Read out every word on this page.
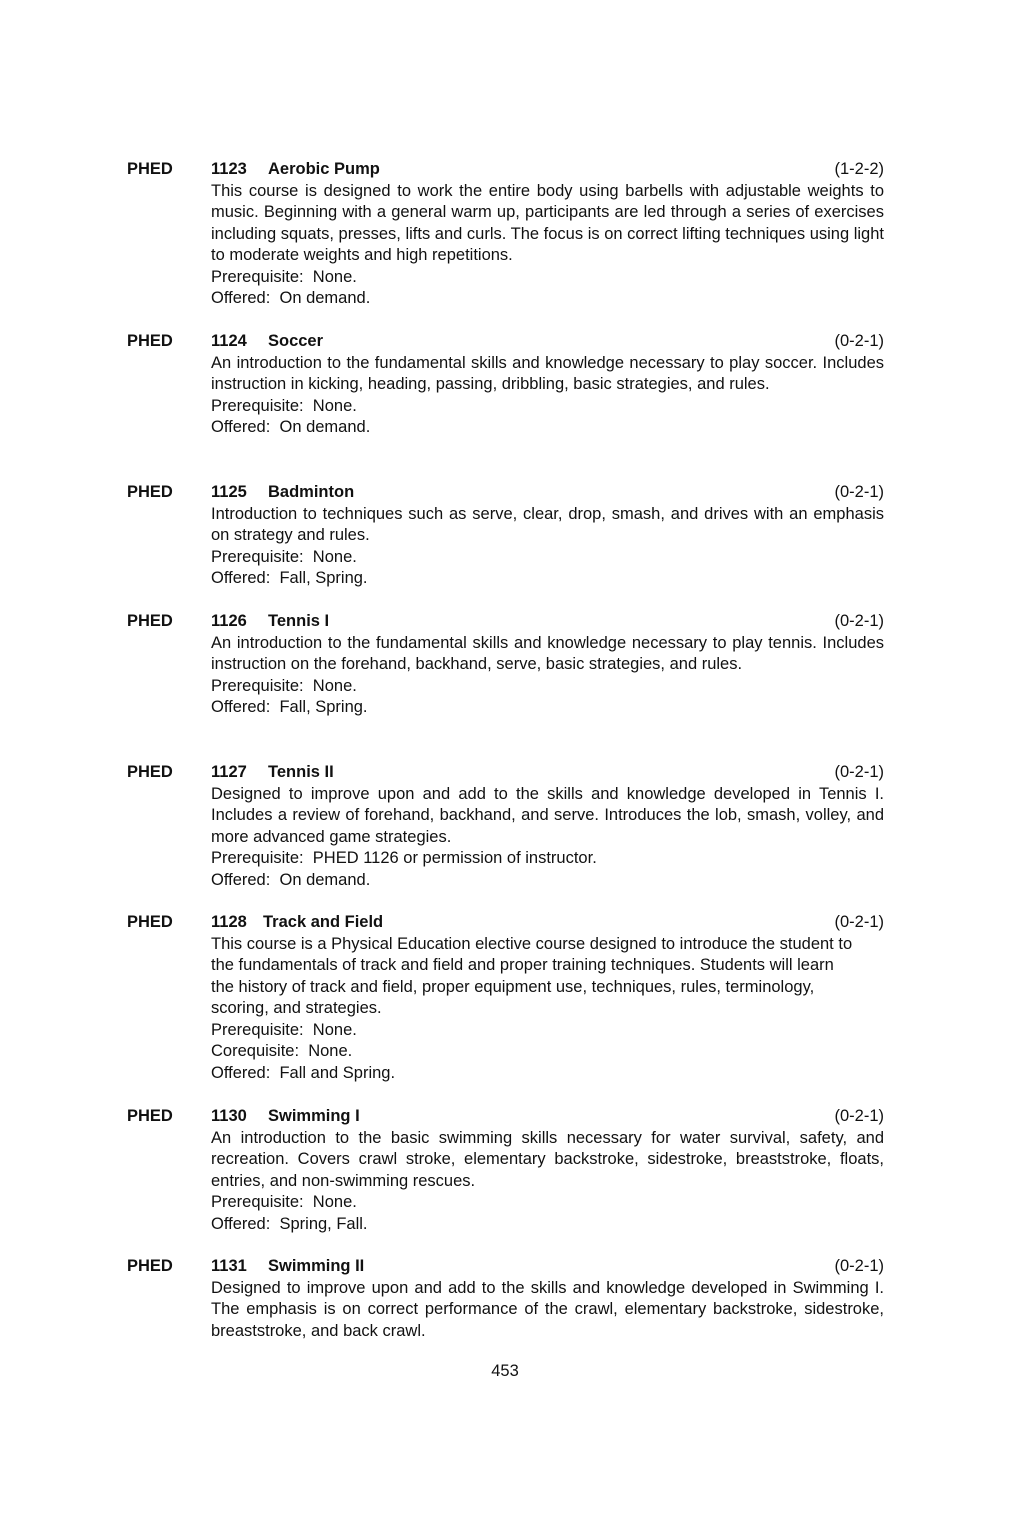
PHED 1123 Aerobic Pump	(1-2-2)

This course is designed to work the entire body using barbells with adjustable weights to music. Beginning with a general warm up, participants are led through a series of exercises including squats, presses, lifts and curls. The focus is on correct lifting techniques using light to moderate weights and high repetitions.

Prerequisite:  None.

Offered:  On demand.

PHED 1124 Soccer	(0-2-1)

An introduction to the fundamental skills and knowledge necessary to play soccer. Includes instruction in kicking, heading, passing, dribbling, basic strategies, and rules.

Prerequisite:  None.

Offered:  On demand.

PHED 1125 Badminton	(0-2-1)

Introduction to techniques such as serve, clear, drop, smash, and drives with an emphasis on strategy and rules.

Prerequisite:  None.

Offered:  Fall, Spring.

PHED 1126 Tennis I	(0-2-1)

An introduction to the fundamental skills and knowledge necessary to play tennis. Includes instruction on the forehand, backhand, serve, basic strategies, and rules.

Prerequisite:  None.

Offered:  Fall, Spring.

PHED 1127 Tennis II	(0-2-1)

Designed to improve upon and add to the skills and knowledge developed in Tennis I. Includes a review of forehand, backhand, and serve. Introduces the lob, smash, volley, and more advanced game strategies.

Prerequisite:  PHED 1126 or permission of instructor.

Offered:  On demand.

PHED 1128 Track and Field	(0-2-1)

This course is a Physical Education elective course designed to introduce the student to the fundamentals of track and field and proper training techniques. Students will learn the history of track and field, proper equipment use, techniques, rules, terminology, scoring, and strategies.

Prerequisite:  None.

Corequisite:  None.

Offered:  Fall and Spring.

PHED 1130 Swimming I	(0-2-1)

An introduction to the basic swimming skills necessary for water survival, safety, and recreation. Covers crawl stroke, elementary backstroke, sidestroke, breaststroke, floats, entries, and non-swimming rescues.

Prerequisite:  None.

Offered:  Spring, Fall.

PHED 1131 Swimming II	(0-2-1)

Designed to improve upon and add to the skills and knowledge developed in Swimming I. The emphasis is on correct performance of the crawl, elementary backstroke, sidestroke, breaststroke, and back crawl.

453
